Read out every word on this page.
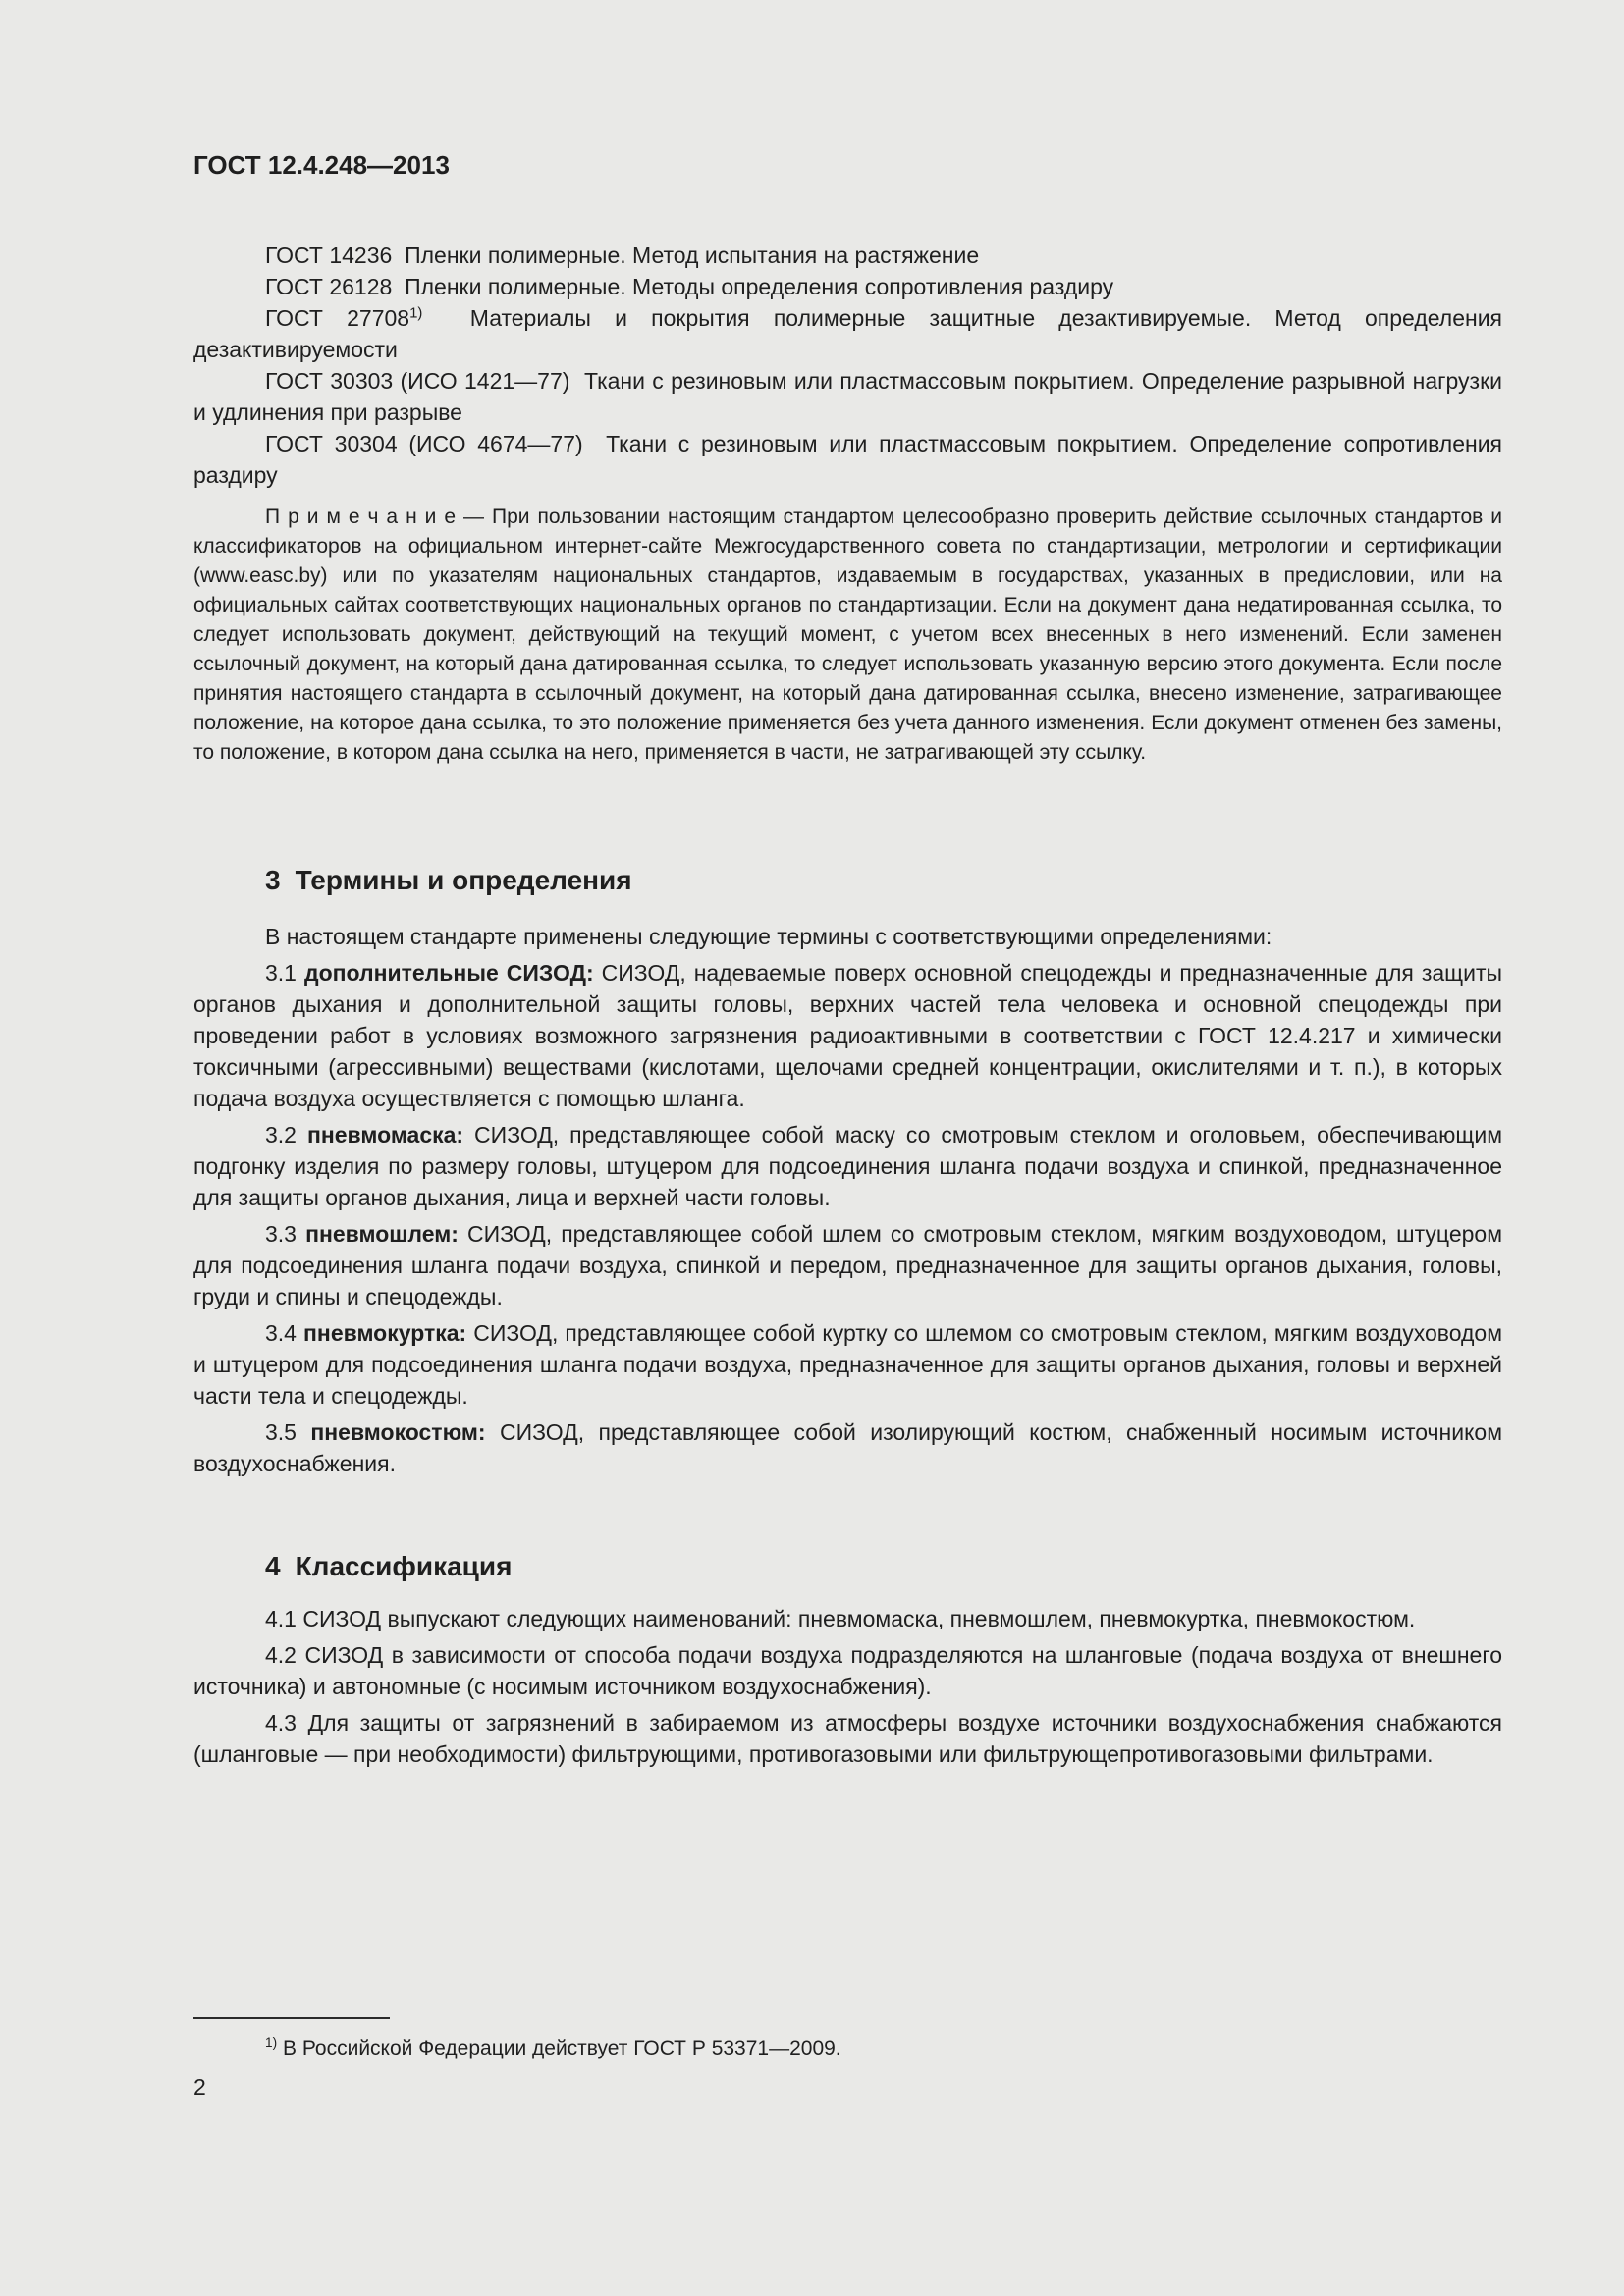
ГОСТ 12.4.248—2013

ГОСТ 14236  Пленки полимерные. Метод испытания на растяжение

ГОСТ 26128  Пленки полимерные. Методы определения сопротивления раздиру

ГОСТ 27708$^{1)}$  Материалы и покрытия полимерные защитные дезактивируемые. Метод определения дезактивируемости

ГОСТ 30303 (ИСО 1421—77)  Ткани с резиновым или пластмассовым покрытием. Определение разрывной нагрузки и удлинения при разрыве

ГОСТ 30304 (ИСО 4674—77)  Ткани с резиновым или пластмассовым покрытием. Определение сопротивления раздиру

П р и м е ч а н и е — При пользовании настоящим стандартом целесообразно проверить действие ссылочных стандартов и классификаторов на официальном интернет-сайте Межгосударственного совета по стандартизации, метрологии и сертификации (www.easc.by) или по указателям национальных стандартов, издаваемым в государствах, указанных в предисловии, или на официальных сайтах соответствующих национальных органов по стандартизации. Если на документ дана недатированная ссылка, то следует использовать документ, действующий на текущий момент, с учетом всех внесенных в него изменений. Если заменен ссылочный документ, на который дана датированная ссылка, то следует использовать указанную версию этого документа. Если после принятия настоящего стандарта в ссылочный документ, на который дана датированная ссылка, внесено изменение, затрагивающее положение, на которое дана ссылка, то это положение применяется без учета данного изменения. Если документ отменен без замены, то положение, в котором дана ссылка на него, применяется в части, не затрагивающей эту ссылку.
3 Термины и определения

В настоящем стандарте применены следующие термины с соответствующими определениями:

3.1 дополнительные СИЗОД: СИЗОД, надеваемые поверх основной спецодежды и предназначенные для защиты органов дыхания и дополнительной защиты головы, верхних частей тела человека и основной спецодежды при проведении работ в условиях возможного загрязнения радиоактивными в соответствии с ГОСТ 12.4.217 и химически токсичными (агрессивными) веществами (кислотами, щелочами средней концентрации, окислителями и т. п.), в которых подача воздуха осуществляется с помощью шланга.

3.2 пневмомаска: СИЗОД, представляющее собой маску со смотровым стеклом и оголовьем, обеспечивающим подгонку изделия по размеру головы, штуцером для подсоединения шланга подачи воздуха и спинкой, предназначенное для защиты органов дыхания, лица и верхней части головы.

3.3 пневмошлем: СИЗОД, представляющее собой шлем со смотровым стеклом, мягким воздуховодом, штуцером для подсоединения шланга подачи воздуха, спинкой и передом, предназначенное для защиты органов дыхания, головы, груди и спины и спецодежды.

3.4 пневмокуртка: СИЗОД, представляющее собой куртку со шлемом со смотровым стеклом, мягким воздуховодом и штуцером для подсоединения шланга подачи воздуха, предназначенное для защиты органов дыхания, головы и верхней части тела и спецодежды.

3.5 пневмокостюм: СИЗОД, представляющее собой изолирующий костюм, снабженный носимым источником воздухоснабжения.

4 Классификация

4.1 СИЗОД выпускают следующих наименований: пневмомаска, пневмошлем, пневмокуртка, пневмокостюм.

4.2 СИЗОД в зависимости от способа подачи воздуха подразделяются на шланговые (подача воздуха от внешнего источника) и автономные (с носимым источником воздухоснабжения).

4.3 Для защиты от загрязнений в забираемом из атмосферы воздухе источники воздухоснабжения снабжаются (шланговые — при необходимости) фильтрующими, противогазовыми или фильтрующепротивогазовыми фильтрами.

$^{1)}$ В Российской Федерации действует ГОСТ Р 53371—2009.
2
